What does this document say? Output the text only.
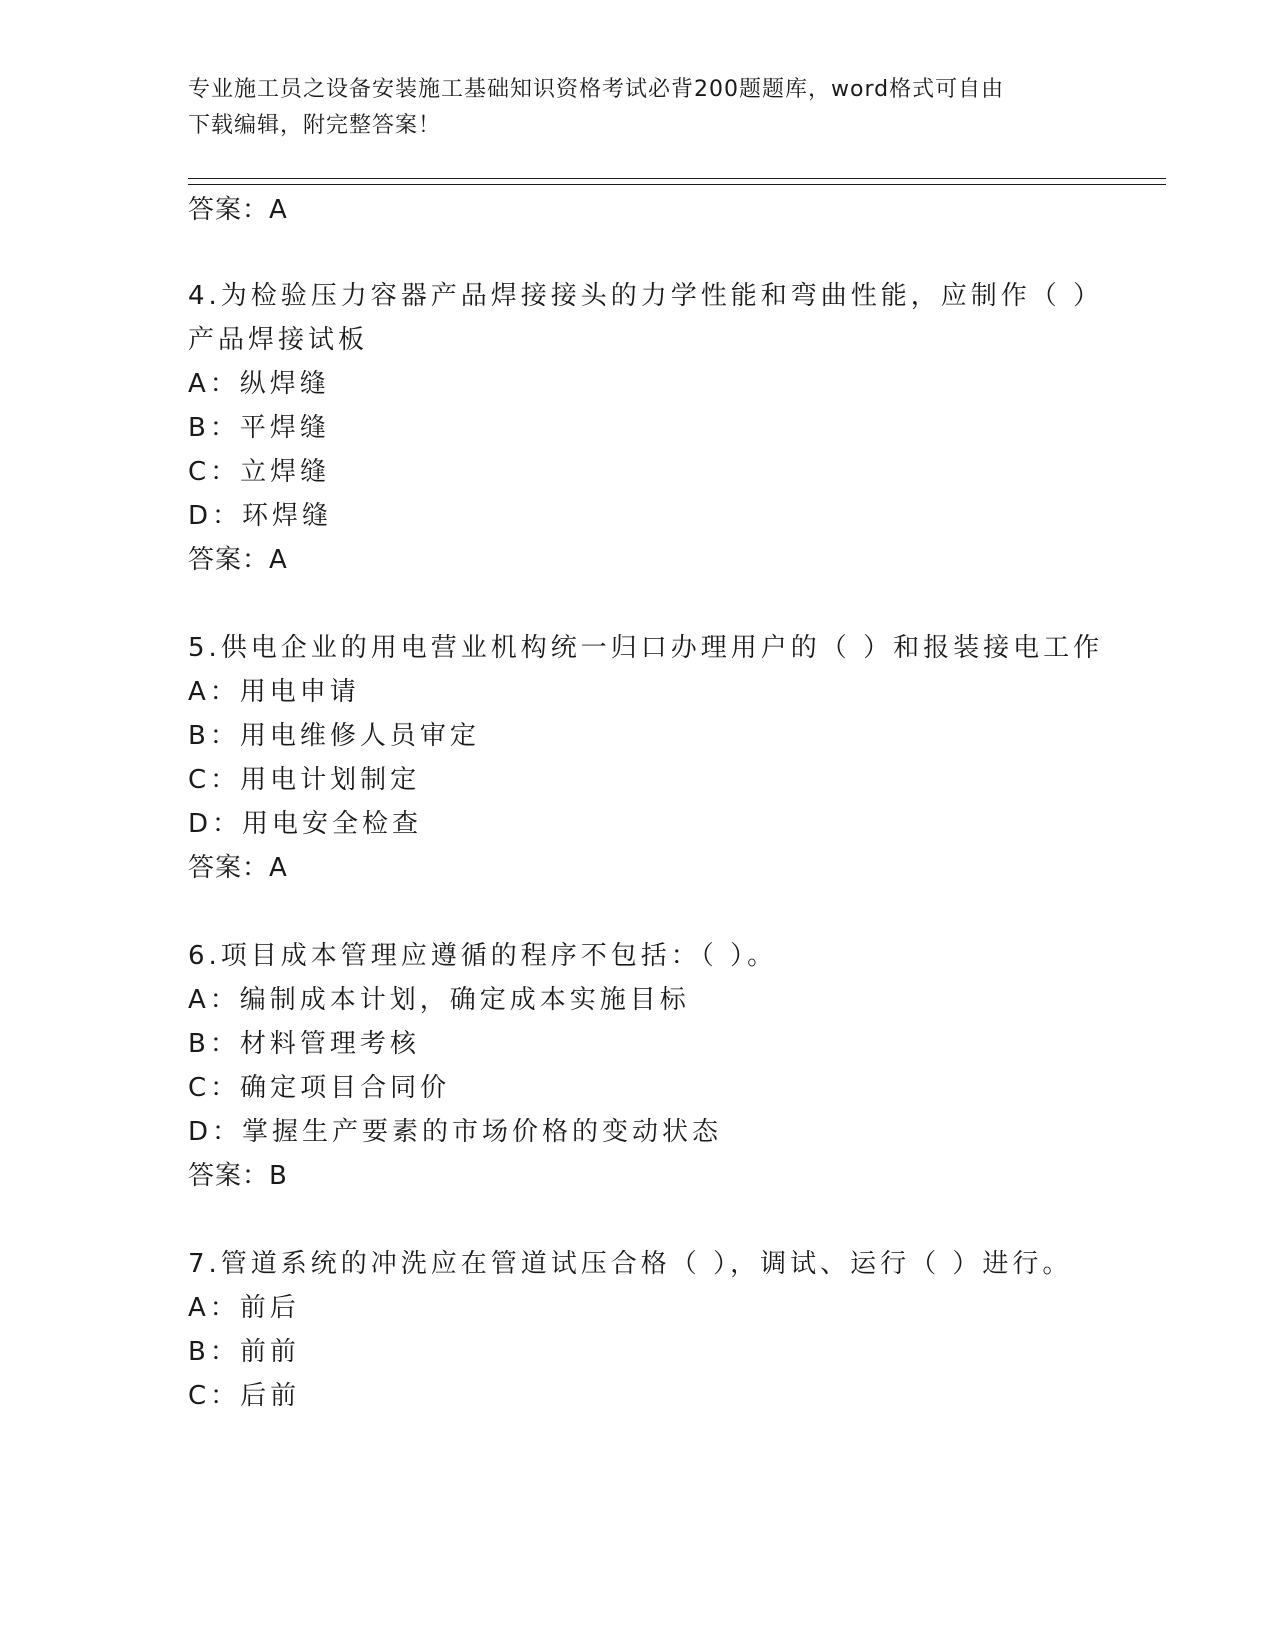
专业施工员之设备安装施工基础知识资格考试必背200题题库，word格式可自由
下载编辑，附完整答案！
答案：A
4.为检验压力容器产品焊接接头的力学性能和弯曲性能，应制作（ ）
产品焊接试板
A：纵焊缝
B：平焊缝
C：立焊缝
D：环焊缝
答案：A
5.供电企业的用电营业机构统一归口办理用户的（ ）和报装接电工作
A：用电申请
B：用电维修人员审定
C：用电计划制定
D：用电安全检查
答案：A
6.项目成本管理应遵循的程序不包括：（ ）。
A：编制成本计划，确定成本实施目标
B：材料管理考核
C：确定项目合同价
D：掌握生产要素的市场价格的变动状态
答案：B
7.管道系统的冲洗应在管道试压合格（ ），调试、运行（ ）进行。
A：前后
B：前前
C：后前
